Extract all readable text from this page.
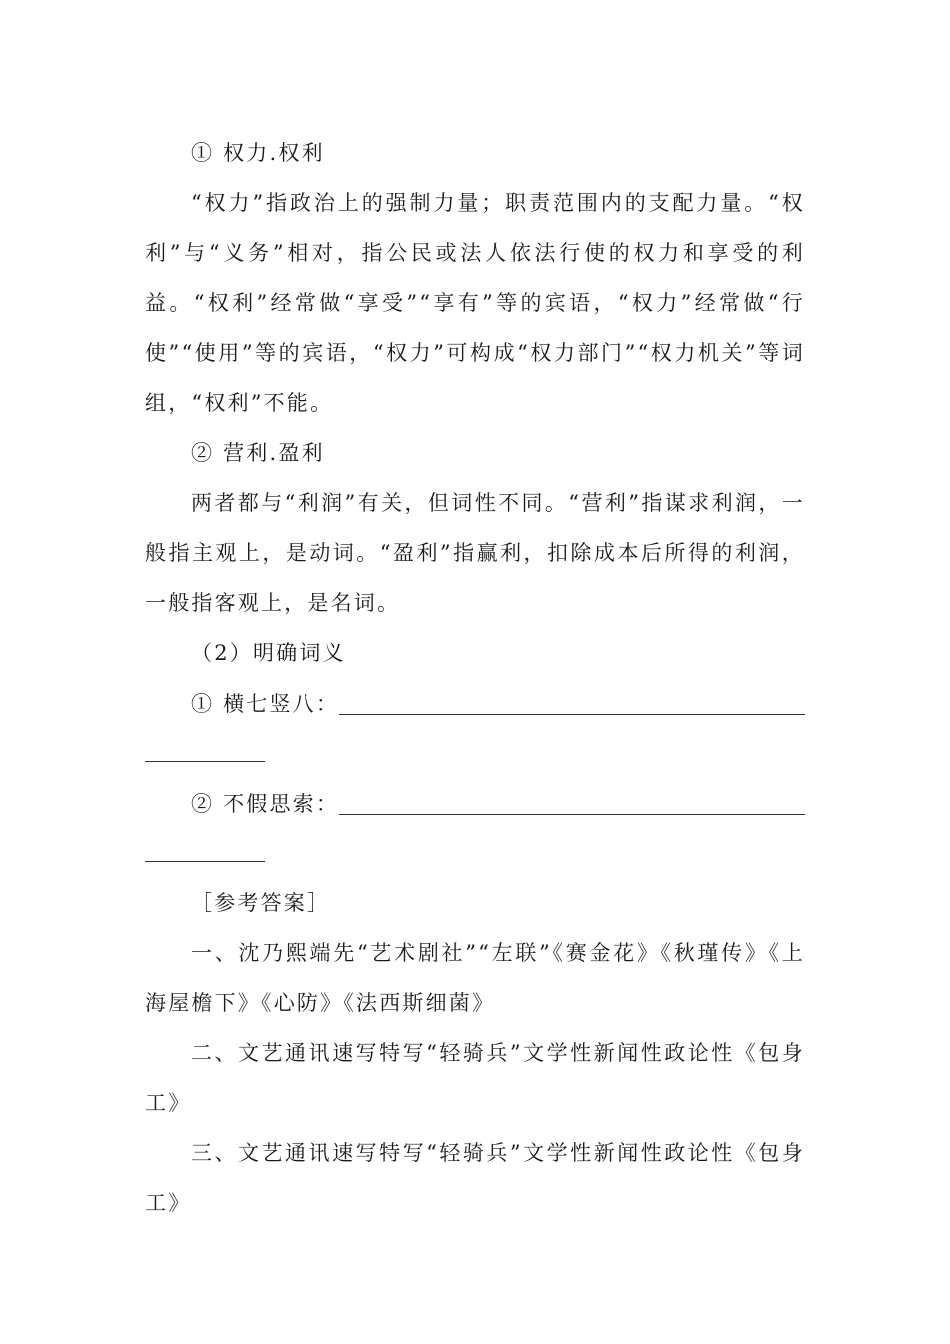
① 权力.权利

“权力”指政治上的强制力量；职责范围内的支配力量。“权利”与“义务”相对，指公民或法人依法行使的权力和享受的利益。“权利”经常做“享受”“享有”等的宾语，“权力”经常做“行使”“使用”等的宾语，“权力”可构成“权力部门”“权力机关”等词组，“权利”不能。

② 营利.盈利

两者都与“利润”有关，但词性不同。“营利”指谋求利润，一般指主观上，是动词。“盈利”指赢利，扣除成本后所得的利润，一般指客观上，是名词。

（2）明确词义

① 横七竖八：
② 不假思索：

［参考答案］

一、沈乃熙端先“艺术剧社”“左联”《赛金花》《秋瑾传》《上海屋檐下》《心防》《法西斯细菌》

二、文艺通讯速写特写“轻骑兵”文学性新闻性政论性《包身工》

三、文艺通讯速写特写“轻骑兵”文学性新闻性政论性《包身工》
